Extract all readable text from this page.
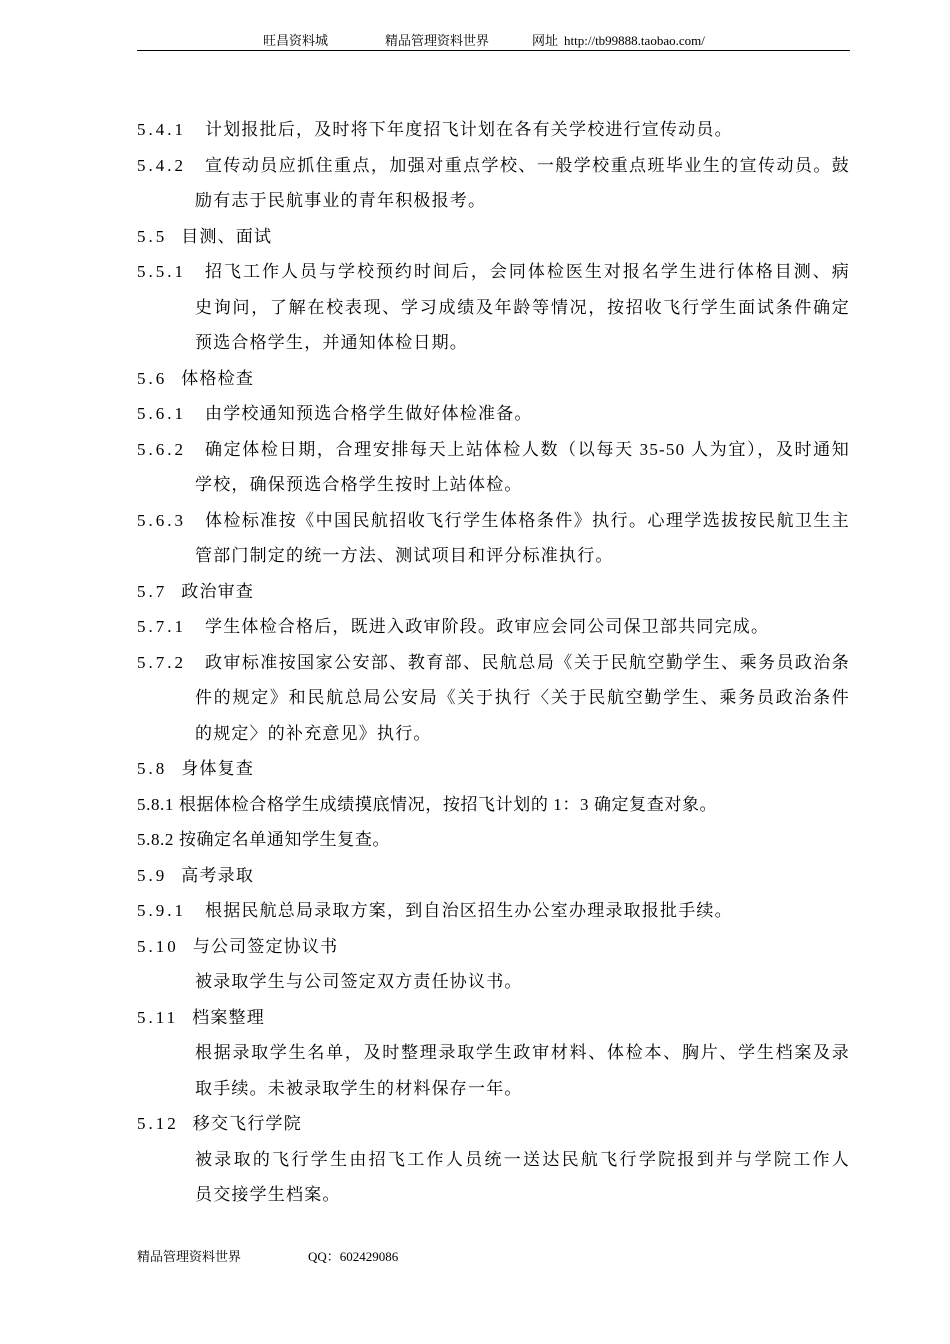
旺昌资料城	精品管理资料世界	网址 http://tb99888.taobao.com/
5.4.1	计划报批后，及时将下年度招飞计划在各有关学校进行宣传动员。
5.4.2	宣传动员应抓住重点，加强对重点学校、一般学校重点班毕业生的宣传动员。鼓
励有志于民航事业的青年积极报考。
5.5 目测、面试
5.5.1	招飞工作人员与学校预约时间后，会同体检医生对报名学生进行体格目测、病
史询问，了解在校表现、学习成绩及年龄等情况，按招收飞行学生面试条件确定
预选合格学生，并通知体检日期。
5.6 体格检查
5.6.1	由学校通知预选合格学生做好体检准备。
5.6.2	确定体检日期，合理安排每天上站体检人数（以每天 35-50 人为宜），及时通知
学校，确保预选合格学生按时上站体检。
5.6.3	体检标准按《中国民航招收飞行学生体格条件》执行。心理学选拔按民航卫生主
管部门制定的统一方法、测试项目和评分标准执行。
5.7 政治审查
5.7.1	学生体检合格后，既进入政审阶段。政审应会同公司保卫部共同完成。
5.7.2	政审标准按国家公安部、教育部、民航总局《关于民航空勤学生、乘务员政治条
件的规定》和民航总局公安局《关于执行〈关于民航空勤学生、乘务员政治条件
的规定〉的补充意见》执行。
5.8 身体复查
5.8.1 根据体检合格学生成绩摸底情况，按招飞计划的 1：3 确定复查对象。
5.8.2 按确定名单通知学生复查。
5.9 高考录取
5.9.1	根据民航总局录取方案，到自治区招生办公室办理录取报批手续。
5.10 与公司签定协议书
被录取学生与公司签定双方责任协议书。
5.11 档案整理
根据录取学生名单，及时整理录取学生政审材料、体检本、胸片、学生档案及录
取手续。未被录取学生的材料保存一年。
5.12 移交飞行学院
被录取的飞行学生由招飞工作人员统一送达民航飞行学院报到并与学院工作人
员交接学生档案。
精品管理资料世界	QQ：602429086
